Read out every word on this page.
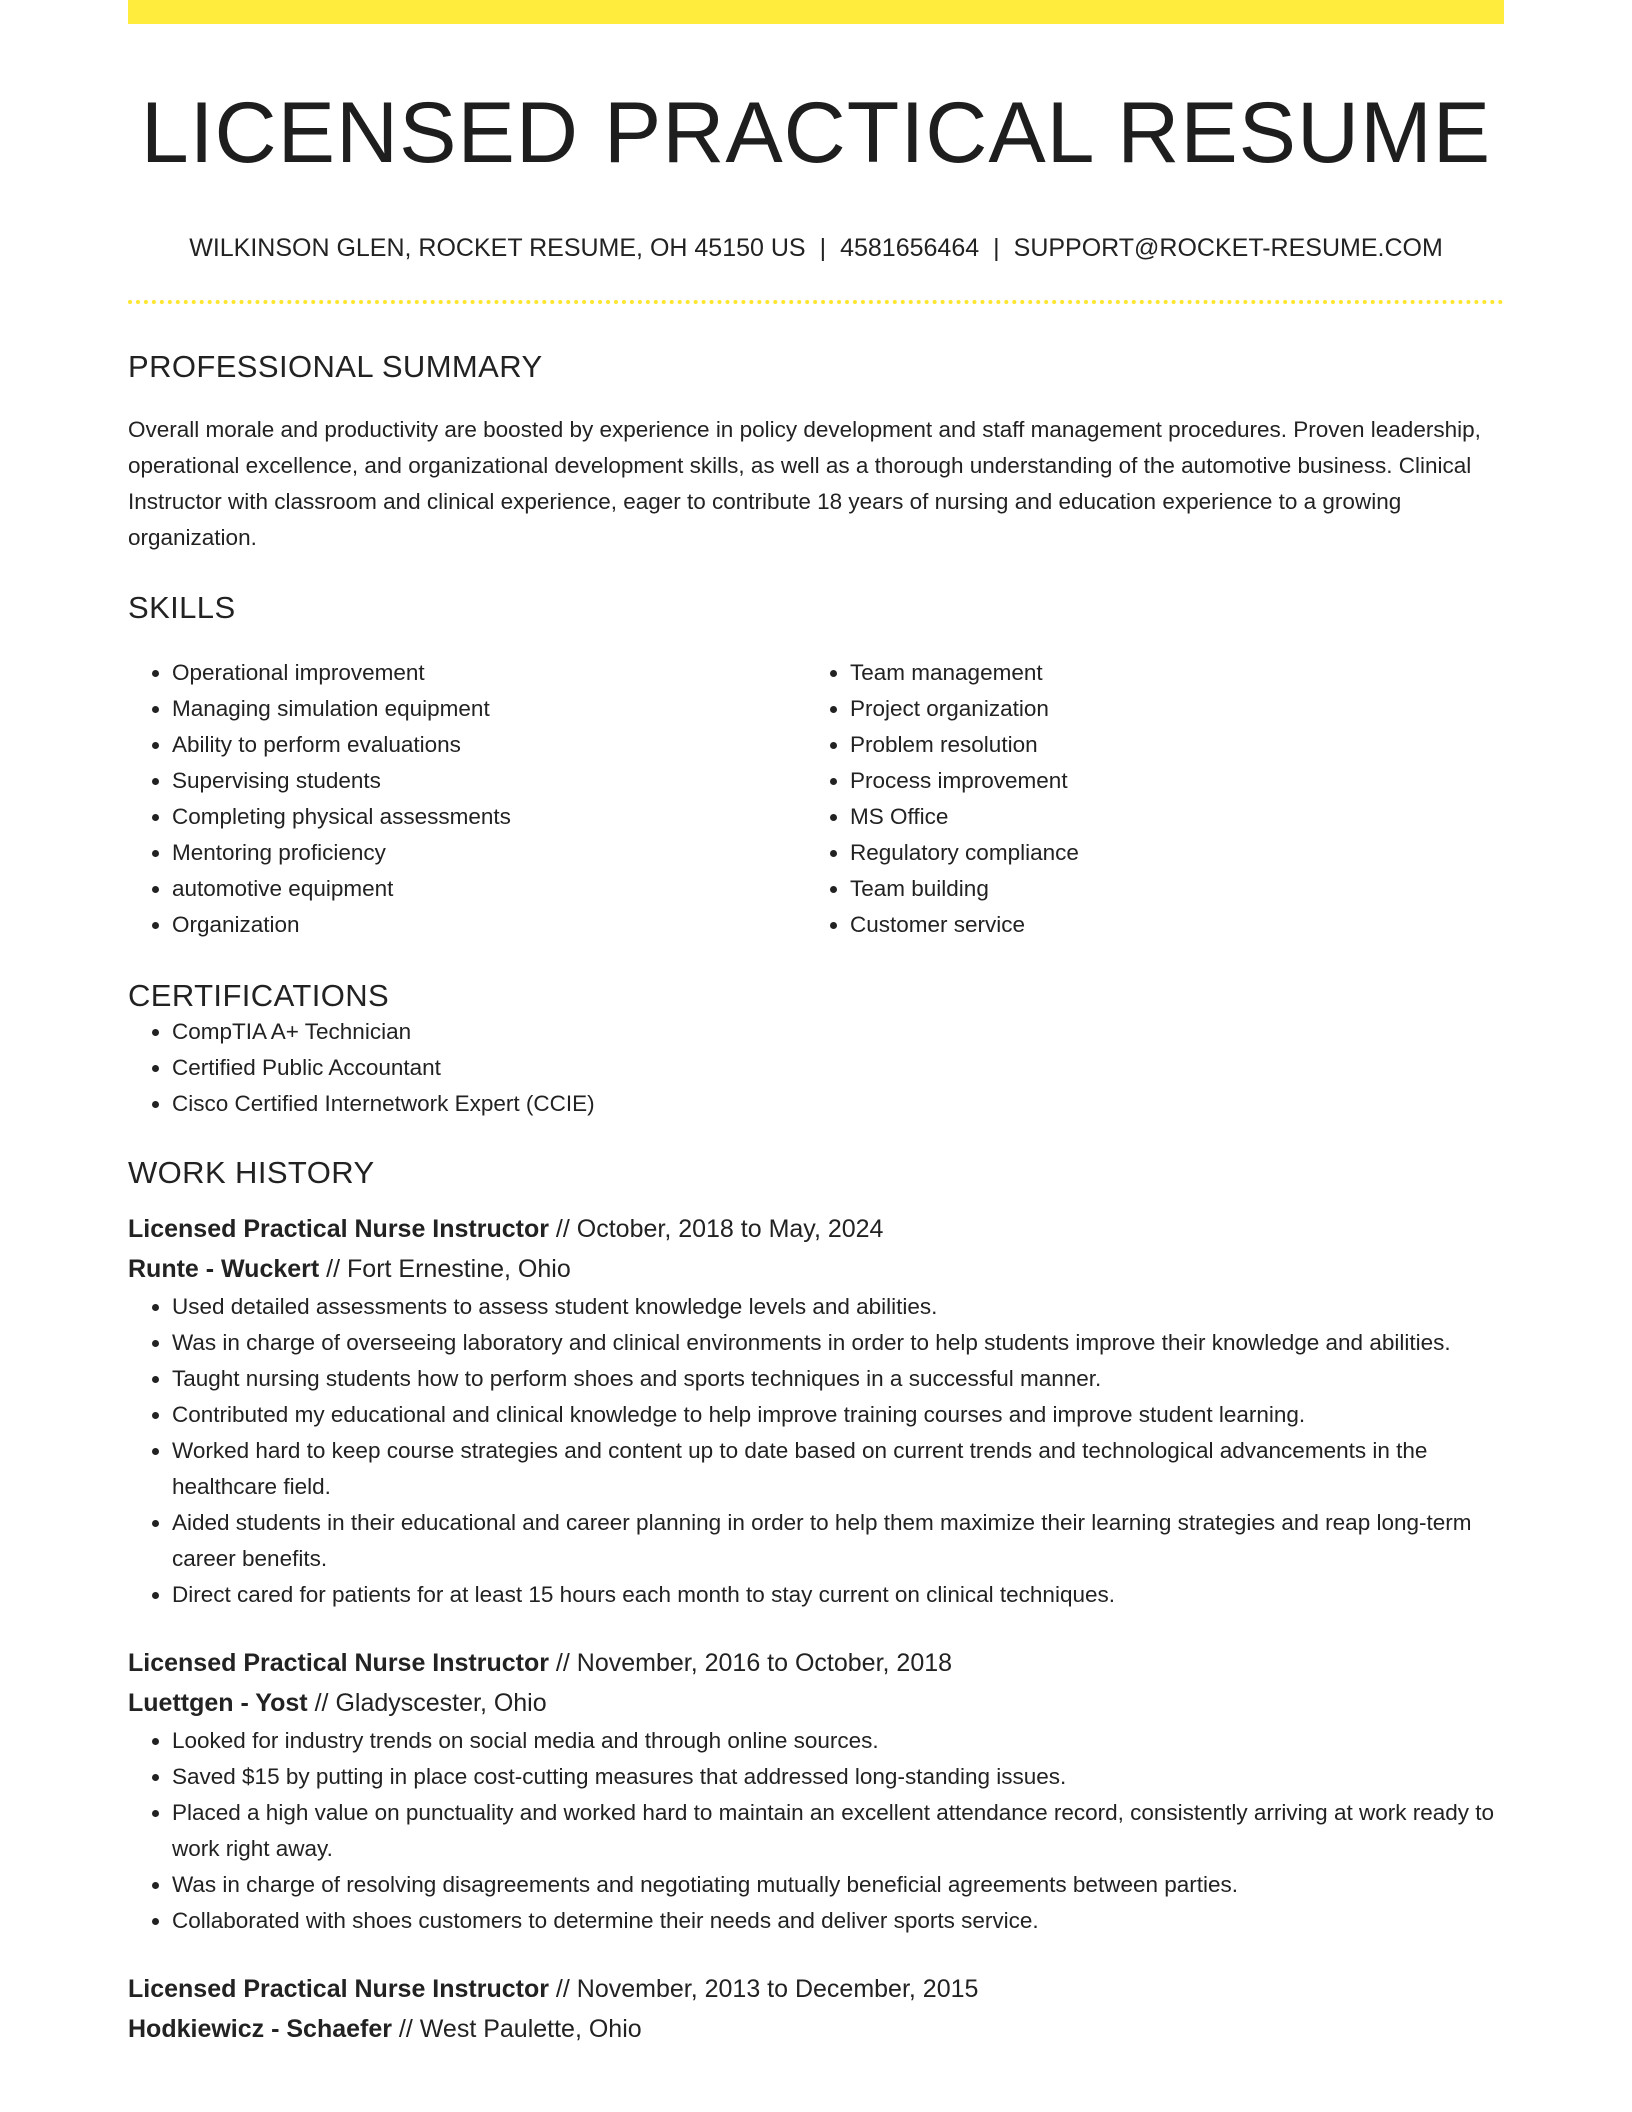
LICENSED PRACTICAL RESUME
WILKINSON GLEN, ROCKET RESUME, OH 45150 US | 4581656464 | SUPPORT@ROCKET-RESUME.COM
PROFESSIONAL SUMMARY

Overall morale and productivity are boosted by experience in policy development and staff management procedures. Proven leadership, operational excellence, and organizational development skills, as well as a thorough understanding of the automotive business. Clinical Instructor with classroom and clinical experience, eager to contribute 18 years of nursing and education experience to a growing organization.

SKILLS
• Operational improvement
• Managing simulation equipment
• Ability to perform evaluations
• Supervising students
• Completing physical assessments
• Mentoring proficiency
• automotive equipment
• Organization
• Team management
• Project organization
• Problem resolution
• Process improvement
• MS Office
• Regulatory compliance
• Team building
• Customer service
CERTIFICATIONS
• CompTIA A+ Technician
• Certified Public Accountant
• Cisco Certified Internetwork Expert (CCIE)
WORK HISTORY
Licensed Practical Nurse Instructor // October, 2018 to May, 2024
Runte - Wuckert // Fort Ernestine, Ohio
• Used detailed assessments to assess student knowledge levels and abilities.
• Was in charge of overseeing laboratory and clinical environments in order to help students improve their knowledge and abilities.
• Taught nursing students how to perform shoes and sports techniques in a successful manner.
• Contributed my educational and clinical knowledge to help improve training courses and improve student learning.
• Worked hard to keep course strategies and content up to date based on current trends and technological advancements in the healthcare field.
• Aided students in their educational and career planning in order to help them maximize their learning strategies and reap long-term career benefits.
• Direct cared for patients for at least 15 hours each month to stay current on clinical techniques.
Licensed Practical Nurse Instructor // November, 2016 to October, 2018
Luettgen - Yost // Gladyscester, Ohio
• Looked for industry trends on social media and through online sources.
• Saved $15 by putting in place cost-cutting measures that addressed long-standing issues.
• Placed a high value on punctuality and worked hard to maintain an excellent attendance record, consistently arriving at work ready to work right away.
• Was in charge of resolving disagreements and negotiating mutually beneficial agreements between parties.
• Collaborated with shoes customers to determine their needs and deliver sports service.
Licensed Practical Nurse Instructor // November, 2013 to December, 2015
Hodkiewicz - Schaefer // West Paulette, Ohio
